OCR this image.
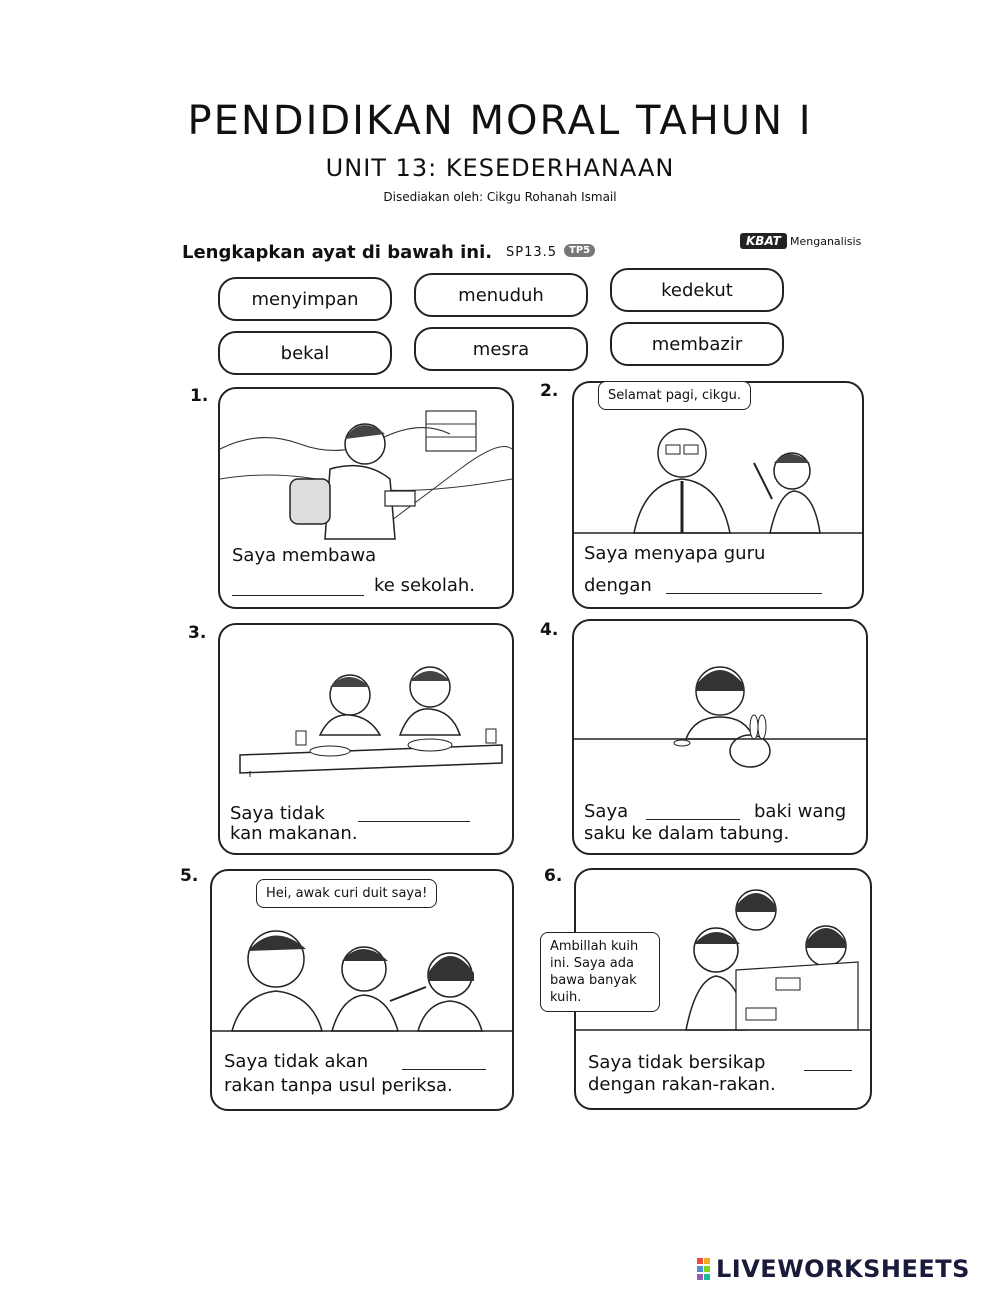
PENDIDIKAN MORAL TAHUN I
UNIT 13: KESEDERHANAAN
Disediakan oleh: Cikgu Rohanah Ismail
Lengkapkan ayat di bawah ini. SP13.5	TP5
KBAT Menganalisis
menyimpan	menuduh	kedekut
bekal	mesra	membazir
1.
Saya membawa
ke sekolah.
2.	Selamat pagi, cikgu.
Saya menyapa guru
dengan
3.
Saya tidak
kan makanan.
4.
Saya	baki wang
saku ke dalam tabung.
5.
Hei, awak curi duit saya!
Saya tidak akan
rakan tanpa usul periksa.
6.
Ambillah kuih ini. Saya ada bawa banyak kuih.
Saya tidak bersikap
dengan rakan-rakan.
LIVEWORKSHEETS
